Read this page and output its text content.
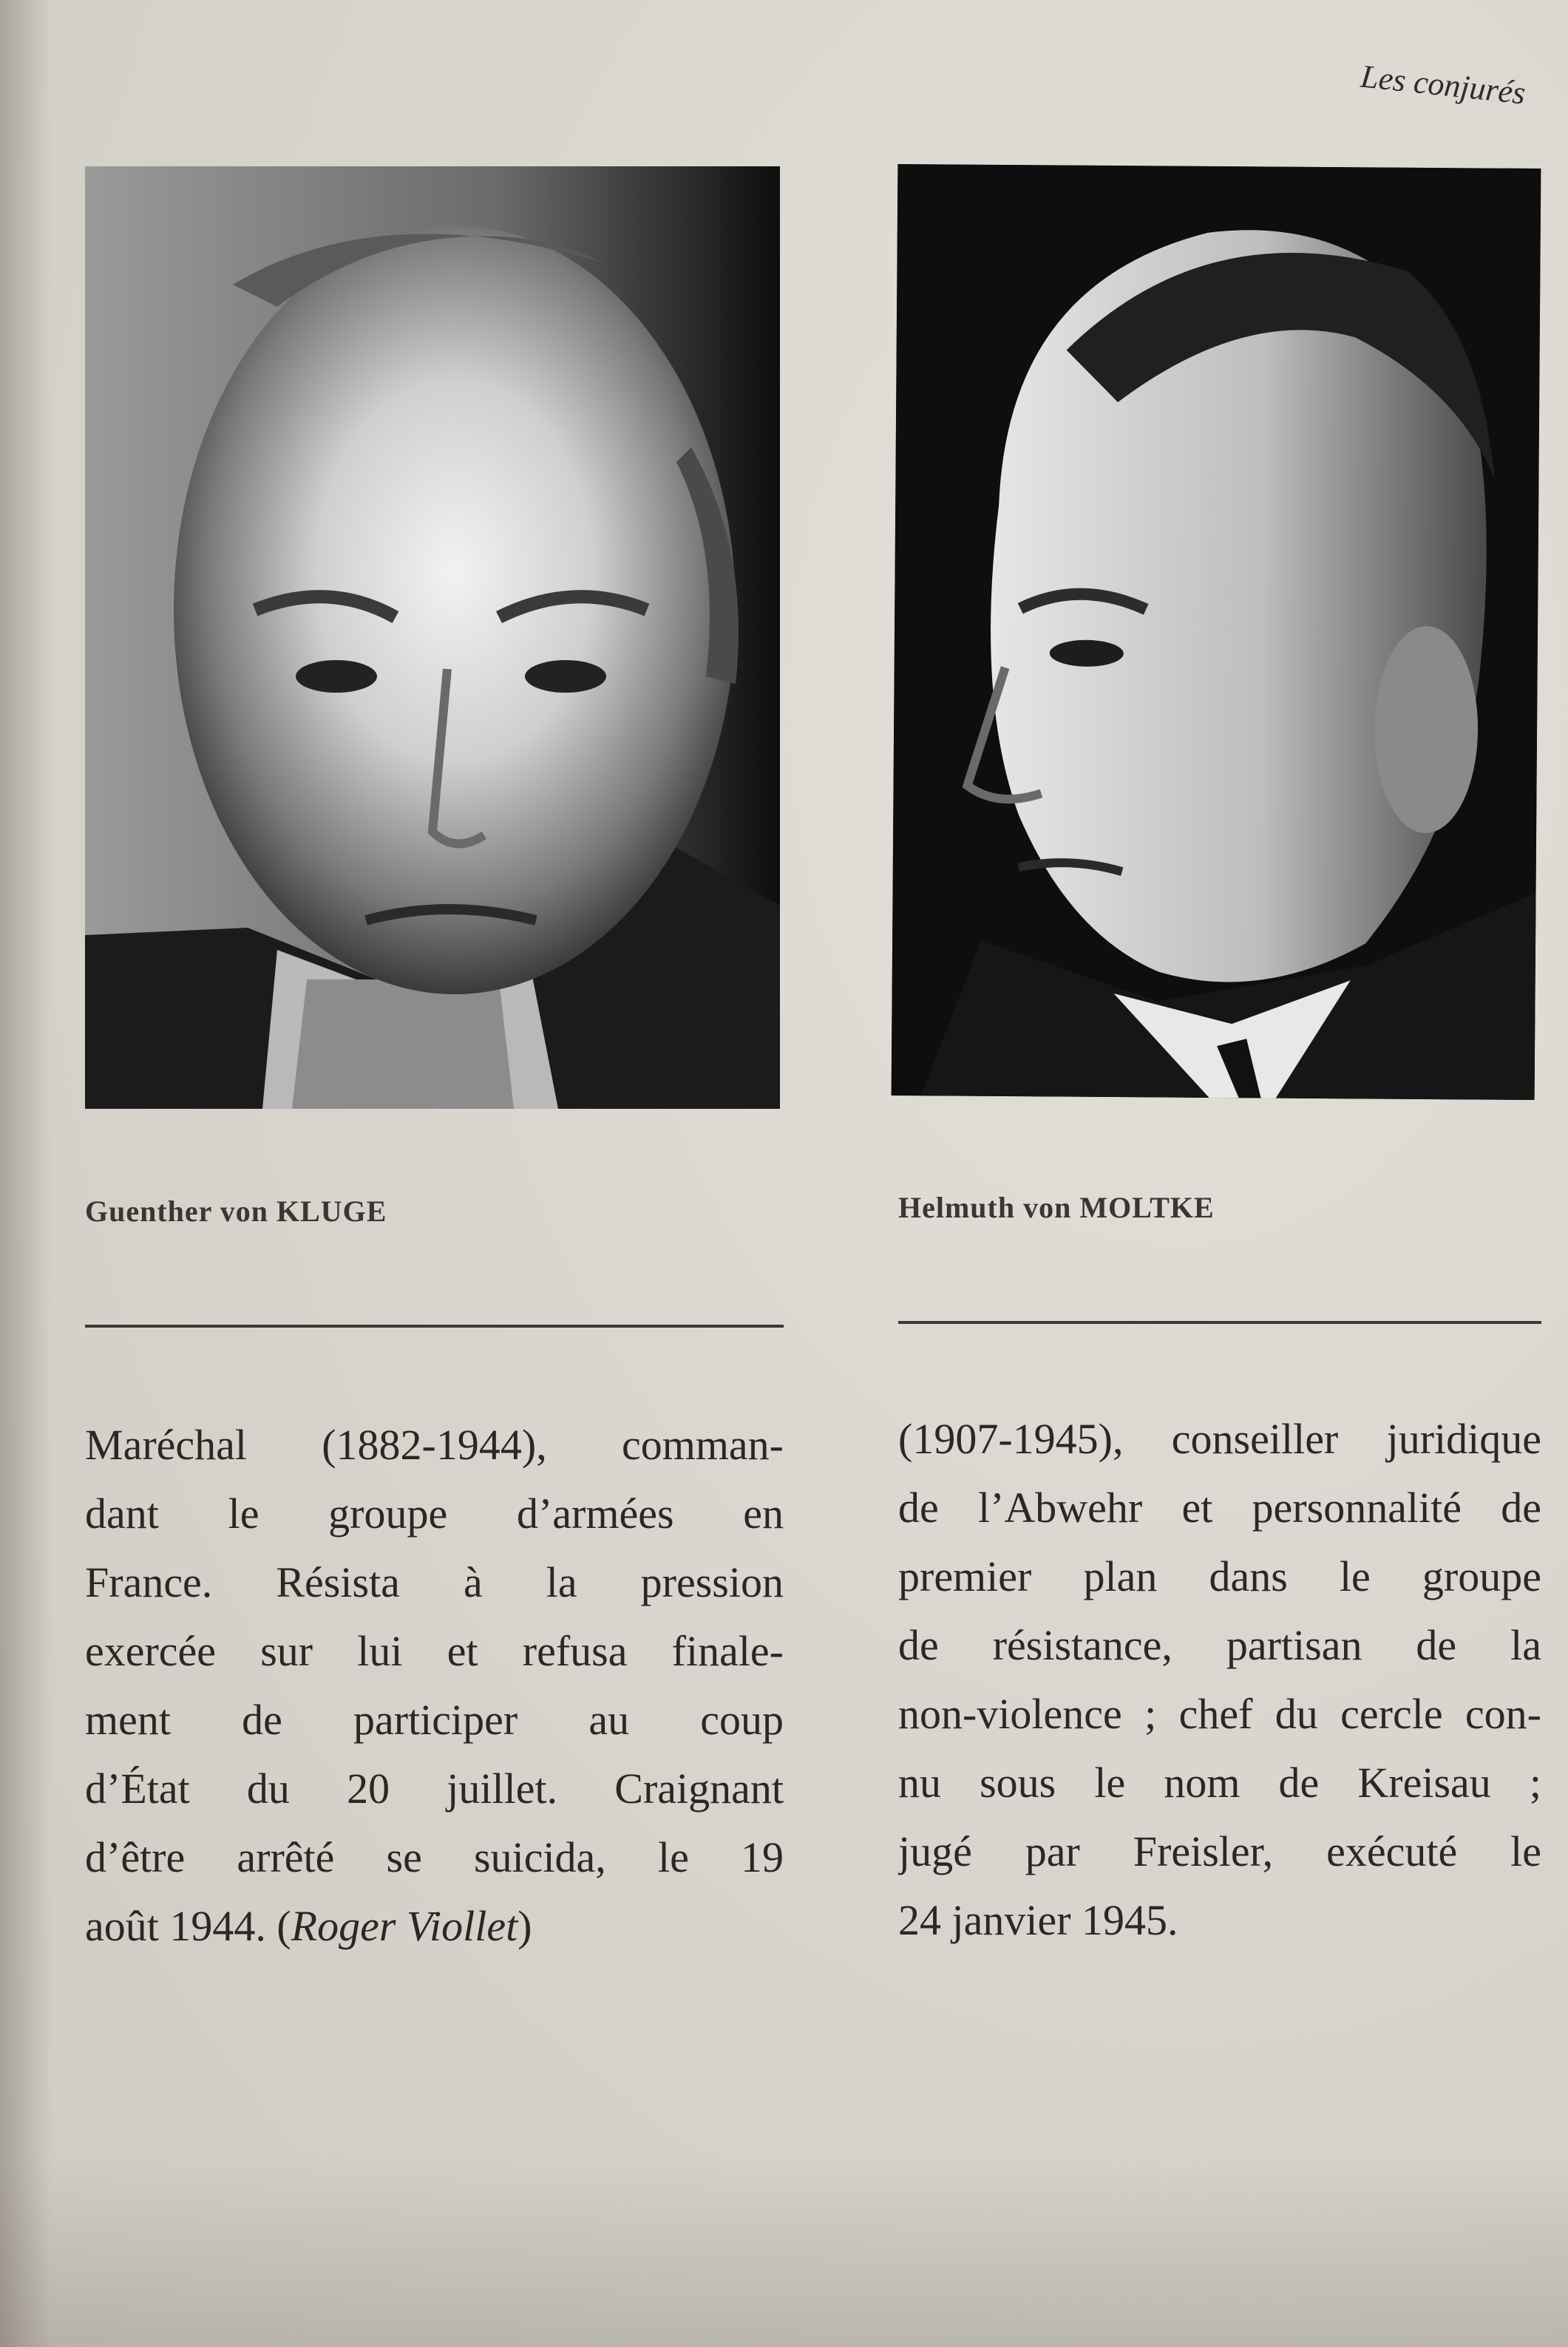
Les conjurés
Guenther von KLUGE	Helmuth von MOLTKE
Maréchal (1882-1944), comman-
dant le groupe d’armées en
France. Résista à la pression
exercée sur lui et refusa finale-
ment de participer au coup
d’État du 20 juillet. Craignant
d’être arrêté se suicida, le 19
août 1944. (Roger Viollet)
(1907-1945), conseiller juridique
de l’Abwehr et personnalité de
premier plan dans le groupe
de résistance, partisan de la
non-violence ; chef du cercle con-
nu sous le nom de Kreisau ;
jugé par Freisler, exécuté le
24 janvier 1945.
